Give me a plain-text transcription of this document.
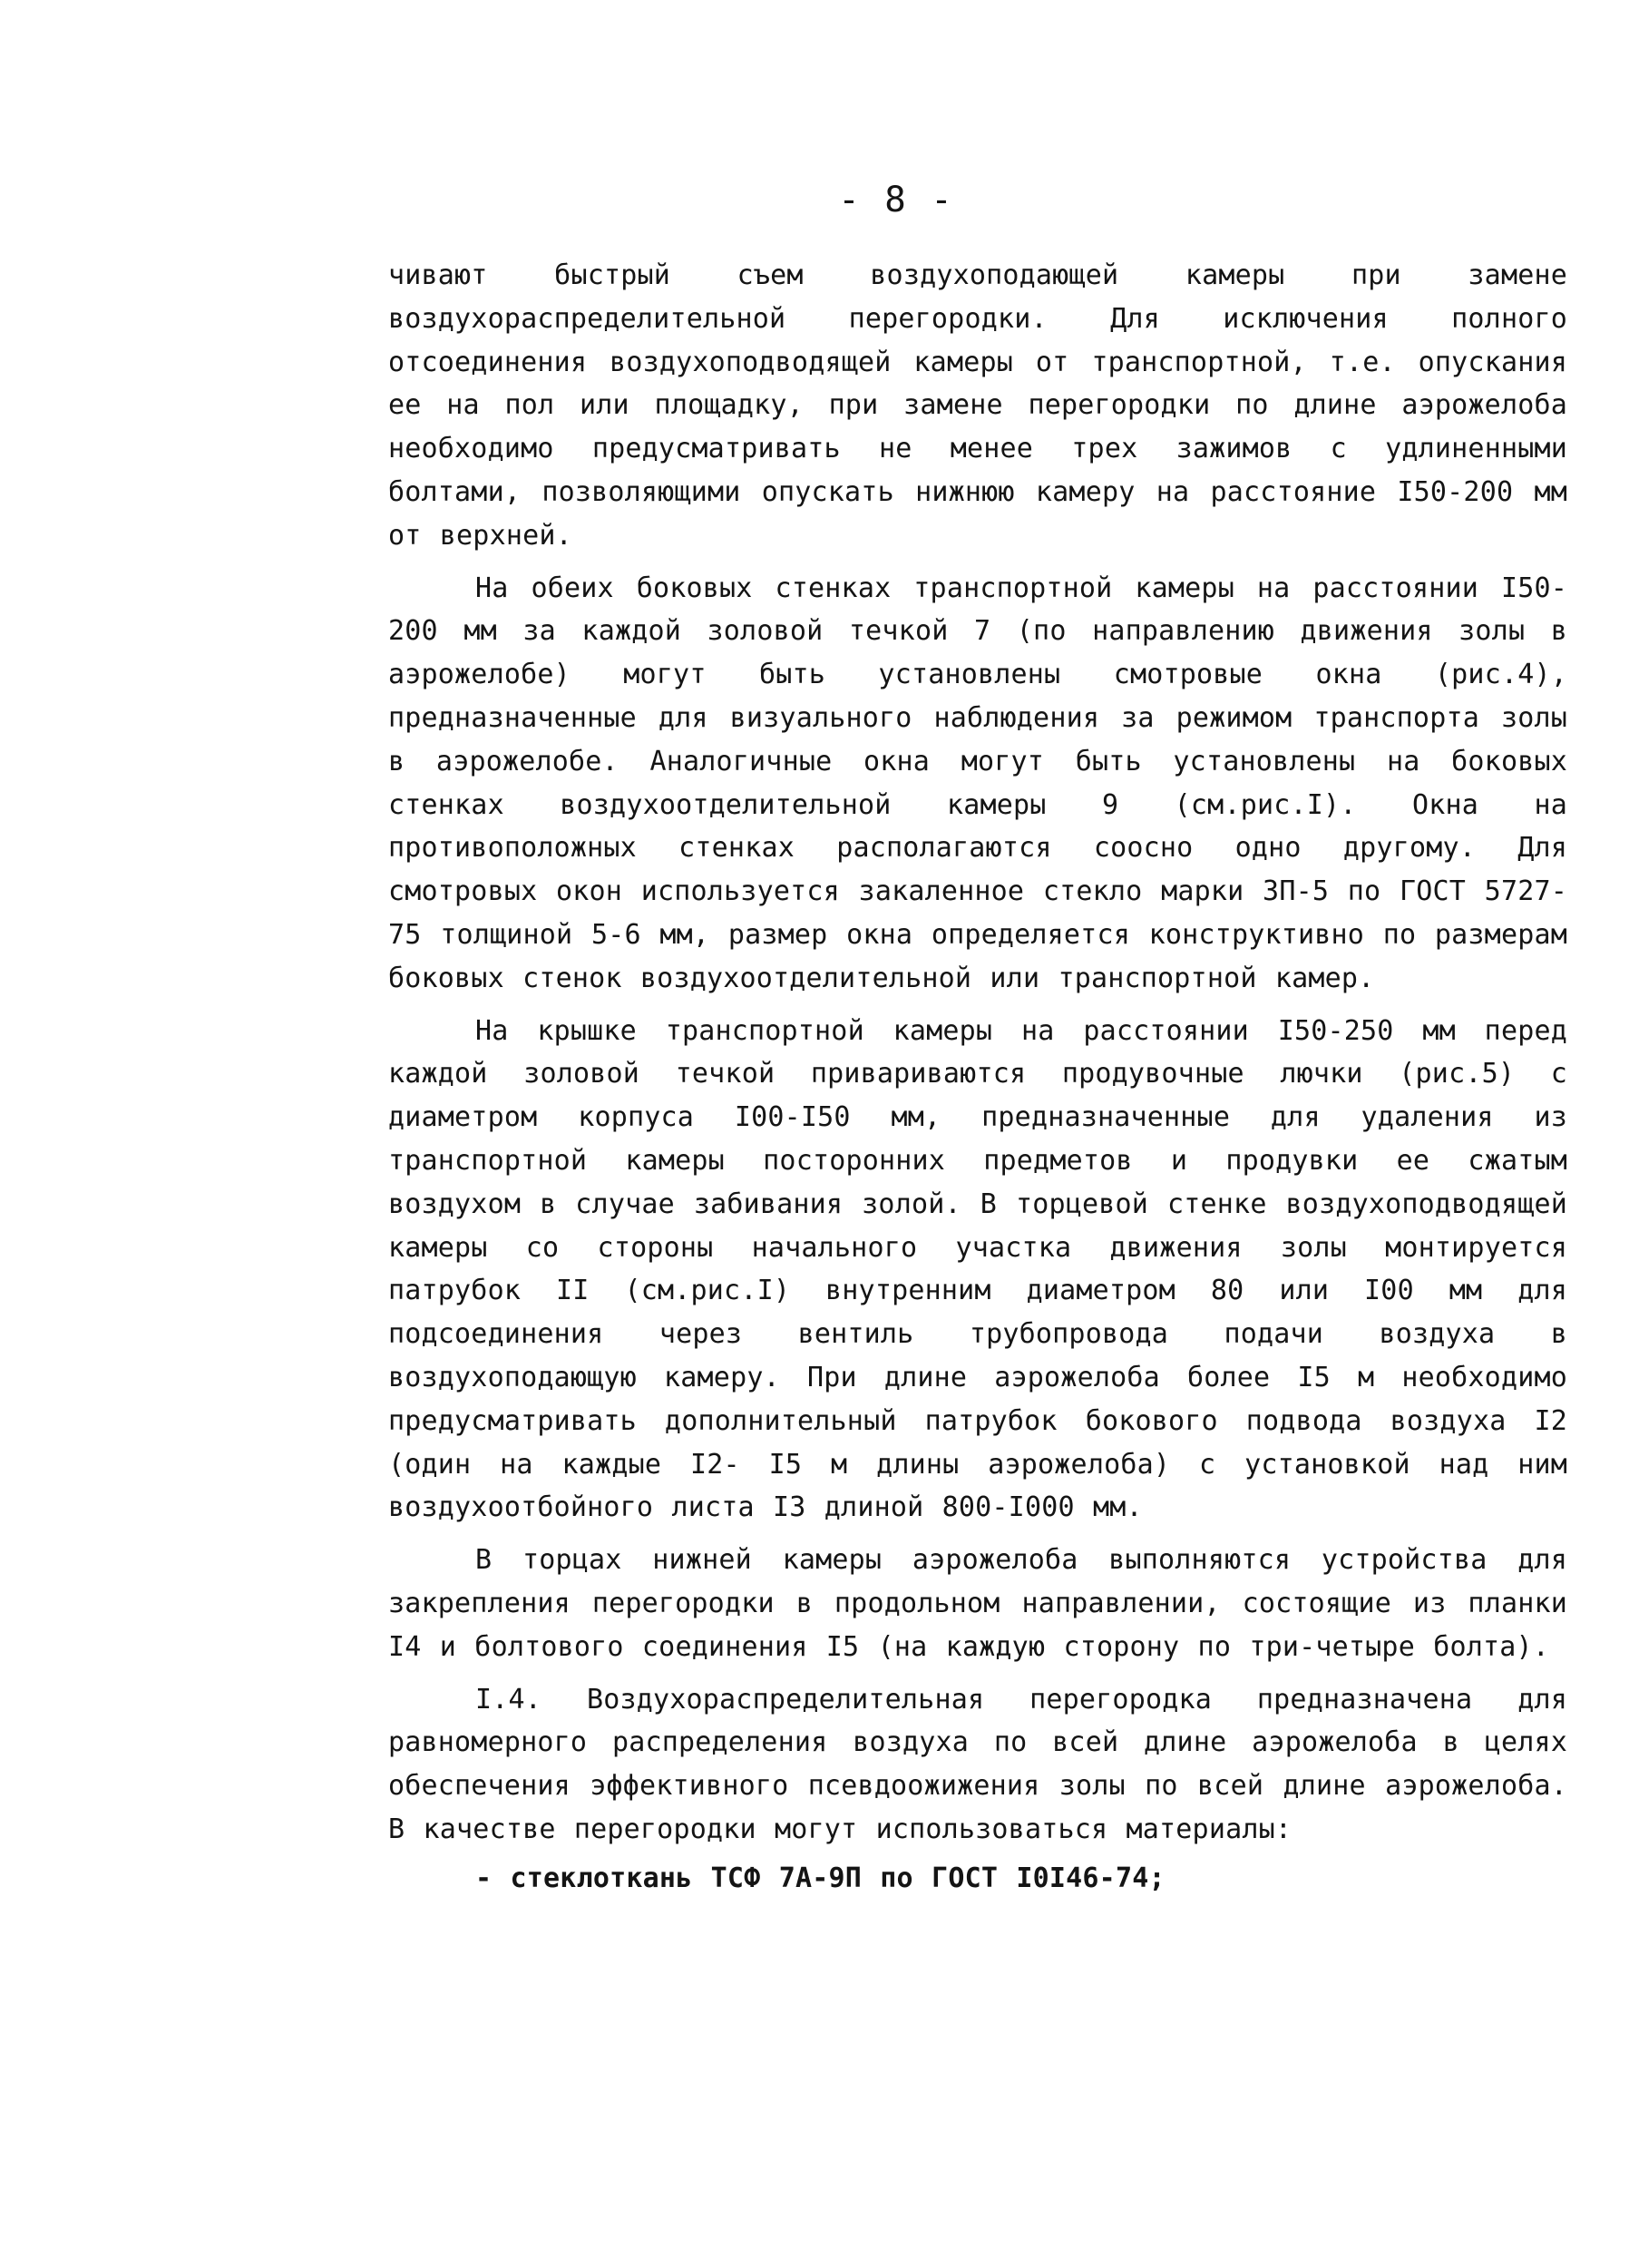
- 8 -

чивают быстрый съем воздухоподающей камеры при замене воздухораспределительной перегородки. Для исключения полного отсоединения воздухоподводящей камеры от транспортной, т.е. опускания ее на пол или площадку, при замене перегородки по длине аэрожелоба необходимо предусматривать не менее трех зажимов с удлиненными болтами, позволяющими опускать нижнюю камеру на расстояние I50-200 мм от верхней.

На обеих боковых стенках транспортной камеры на расстоянии I50-200 мм за каждой золовой течкой 7 (по направлению движения золы в аэрожелобе) могут быть установлены смотровые окна (рис.4), предназначенные для визуального наблюдения за режимом транспорта золы в аэрожелобе. Аналогичные окна могут быть установлены на боковых стенках воздухоотделительной камеры 9 (см.рис.I). Окна на противоположных стенках располагаются соосно одно другому. Для смотровых окон используется закаленное стекло марки ЗП-5 по ГОСТ 5727-75 толщиной 5-6 мм, размер окна определяется конструктивно по размерам боковых стенок воздухоотделительной или транспортной камер.

На крышке транспортной камеры на расстоянии I50-250 мм перед каждой золовой течкой привариваются продувочные лючки (рис.5) с диаметром корпуса I00-I50 мм, предназначенные для удаления из транспортной камеры посторонних предметов и продувки ее сжатым воздухом в случае забивания золой. В торцевой стенке воздухоподводящей камеры со стороны начального участка движения золы монтируется патрубок II (см.рис.I) внутренним диаметром 80 или I00 мм для подсоединения через вентиль трубопровода подачи воздуха в воздухоподающую камеру. При длине аэрожелоба более I5 м необходимо предусматривать дополнительный патрубок бокового подвода воздуха I2 (один на каждые I2- I5 м длины аэрожелоба) с установкой над ним воздухоотбойного листа I3 длиной 800-I000 мм.

В торцах нижней камеры аэрожелоба выполняются устройства для закрепления перегородки в продольном направлении, состоящие из планки I4 и болтового соединения I5 (на каждую сторону по три-четыре болта).

I.4. Воздухораспределительная перегородка предназначена для равномерного распределения воздуха по всей длине аэрожелоба в целях обеспечения эффективного псевдоожижения золы по всей длине аэрожелоба. В качестве перегородки могут использоваться материалы:

- стеклоткань ТСФ 7А-9П по ГОСТ I0I46-74;
